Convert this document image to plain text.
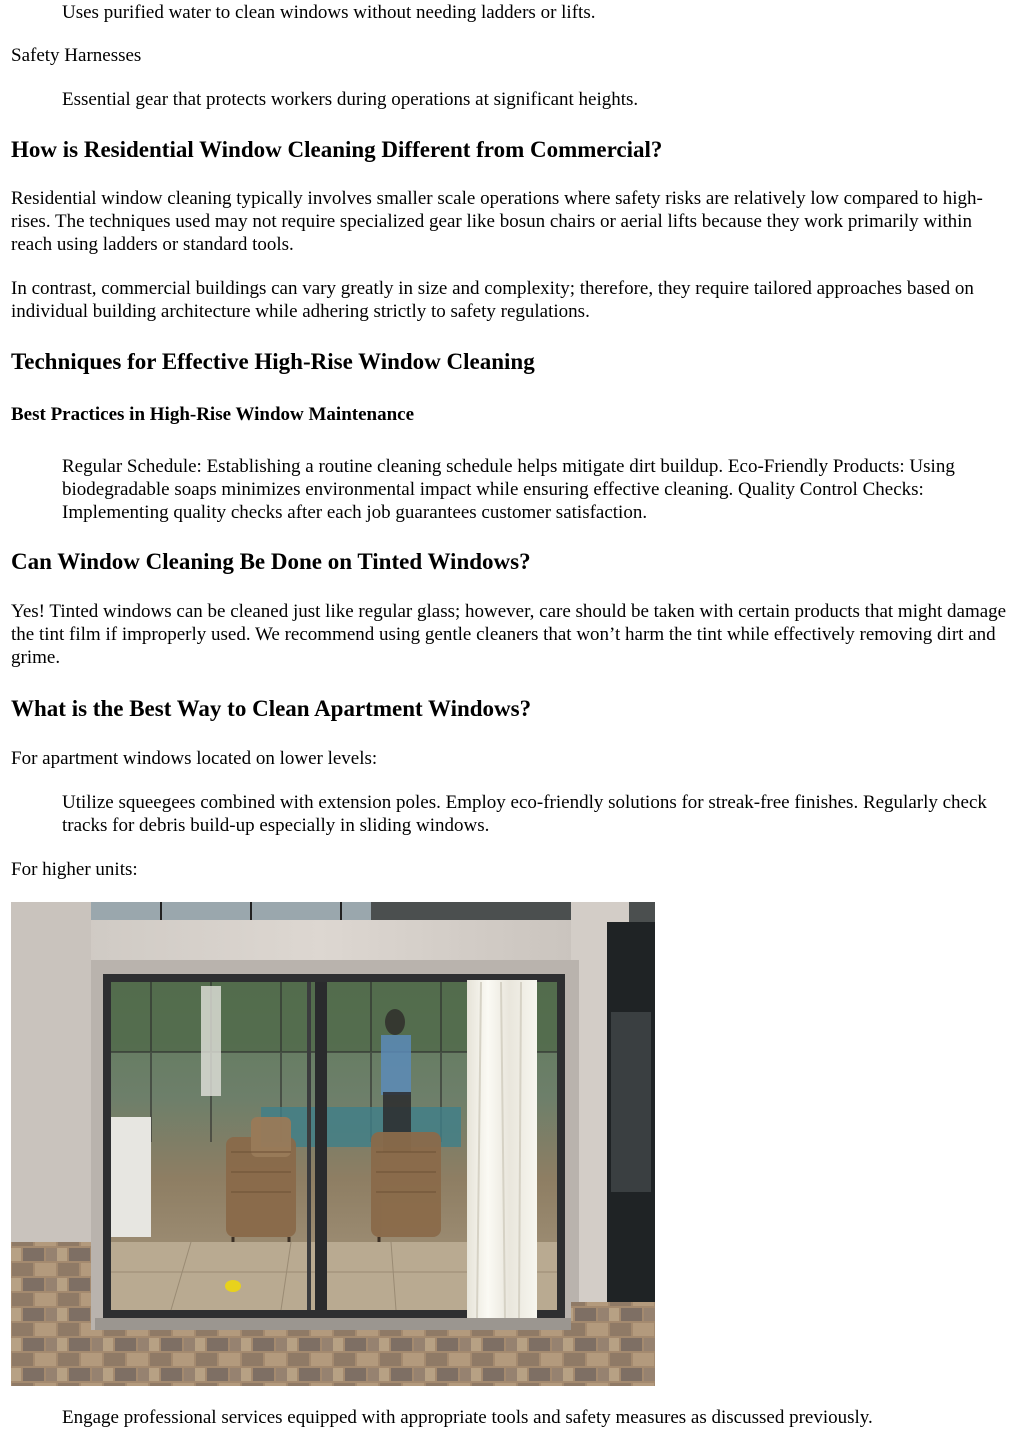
Uses purified water to clean windows without needing ladders or lifts.

Safety Harnesses

Essential gear that protects workers during operations at significant heights.

How is Residential Window Cleaning Different from Commercial?

Residential window cleaning typically involves smaller scale operations where safety risks are relatively low compared to high-rises. The techniques used may not require specialized gear like bosun chairs or aerial lifts because they work primarily within reach using ladders or standard tools.

In contrast, commercial buildings can vary greatly in size and complexity; therefore, they require tailored approaches based on individual building architecture while adhering strictly to safety regulations.

Techniques for Effective High-Rise Window Cleaning
Best Practices in High-Rise Window Maintenance

Regular Schedule: Establishing a routine cleaning schedule helps mitigate dirt buildup. Eco-Friendly Products: Using biodegradable soaps minimizes environmental impact while ensuring effective cleaning. Quality Control Checks: Implementing quality checks after each job guarantees customer satisfaction.

Can Window Cleaning Be Done on Tinted Windows?

Yes! Tinted windows can be cleaned just like regular glass; however, care should be taken with certain products that might damage the tint film if improperly used. We recommend using gentle cleaners that won’t harm the tint while effectively removing dirt and grime.

What is the Best Way to Clean Apartment Windows?

For apartment windows located on lower levels:

Utilize squeegees combined with extension poles. Employ eco-friendly solutions for streak-free finishes. Regularly check tracks for debris build-up especially in sliding windows.

For higher units:

Engage professional services equipped with appropriate tools and safety measures as discussed previously.
